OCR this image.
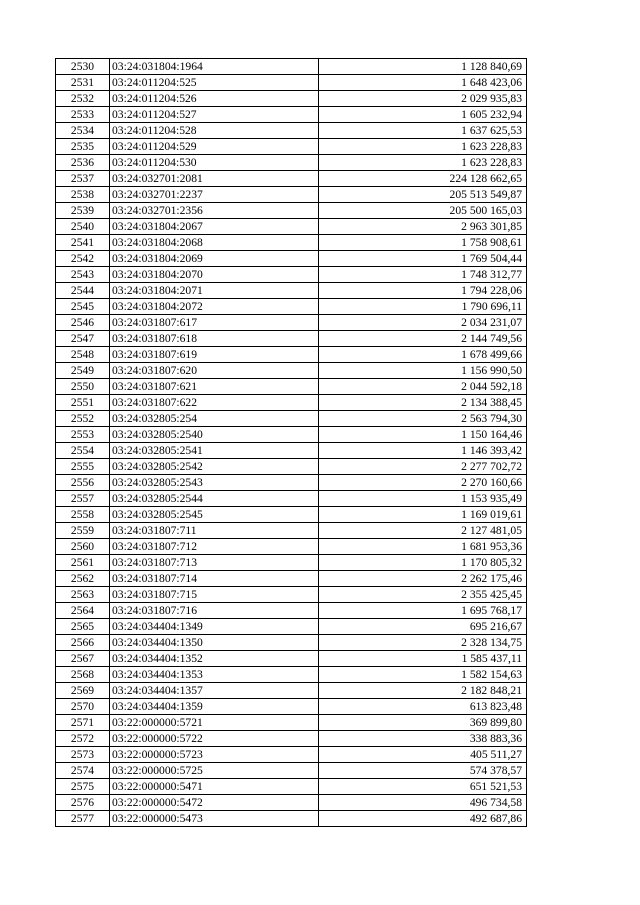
2530	03:24:031804:1964	1 128 840,69
2531	03:24:011204:525	1 648 423,06
2532	03:24:011204:526	2 029 935,83
2533	03:24:011204:527	1 605 232,94
2534	03:24:011204:528	1 637 625,53
2535	03:24:011204:529	1 623 228,83
2536	03:24:011204:530	1 623 228,83
2537	03:24:032701:2081	224 128 662,65
2538	03:24:032701:2237	205 513 549,87
2539	03:24:032701:2356	205 500 165,03
2540	03:24:031804:2067	2 963 301,85
2541	03:24:031804:2068	1 758 908,61
2542	03:24:031804:2069	1 769 504,44
2543	03:24:031804:2070	1 748 312,77
2544	03:24:031804:2071	1 794 228,06
2545	03:24:031804:2072	1 790 696,11
2546	03:24:031807:617	2 034 231,07
2547	03:24:031807:618	2 144 749,56
2548	03:24:031807:619	1 678 499,66
2549	03:24:031807:620	1 156 990,50
2550	03:24:031807:621	2 044 592,18
2551	03:24:031807:622	2 134 388,45
2552	03:24:032805:254	2 563 794,30
2553	03:24:032805:2540	1 150 164,46
2554	03:24:032805:2541	1 146 393,42
2555	03:24:032805:2542	2 277 702,72
2556	03:24:032805:2543	2 270 160,66
2557	03:24:032805:2544	1 153 935,49
2558	03:24:032805:2545	1 169 019,61
2559	03:24:031807:711	2 127 481,05
2560	03:24:031807:712	1 681 953,36
2561	03:24:031807:713	1 170 805,32
2562	03:24:031807:714	2 262 175,46
2563	03:24:031807:715	2 355 425,45
2564	03:24:031807:716	1 695 768,17
2565	03:24:034404:1349	695 216,67
2566	03:24:034404:1350	2 328 134,75
2567	03:24:034404:1352	1 585 437,11
2568	03:24:034404:1353	1 582 154,63
2569	03:24:034404:1357	2 182 848,21
2570	03:24:034404:1359	613 823,48
2571	03:22:000000:5721	369 899,80
2572	03:22:000000:5722	338 883,36
2573	03:22:000000:5723	405 511,27
2574	03:22:000000:5725	574 378,57
2575	03:22:000000:5471	651 521,53
2576	03:22:000000:5472	496 734,58
2577	03:22:000000:5473	492 687,86
